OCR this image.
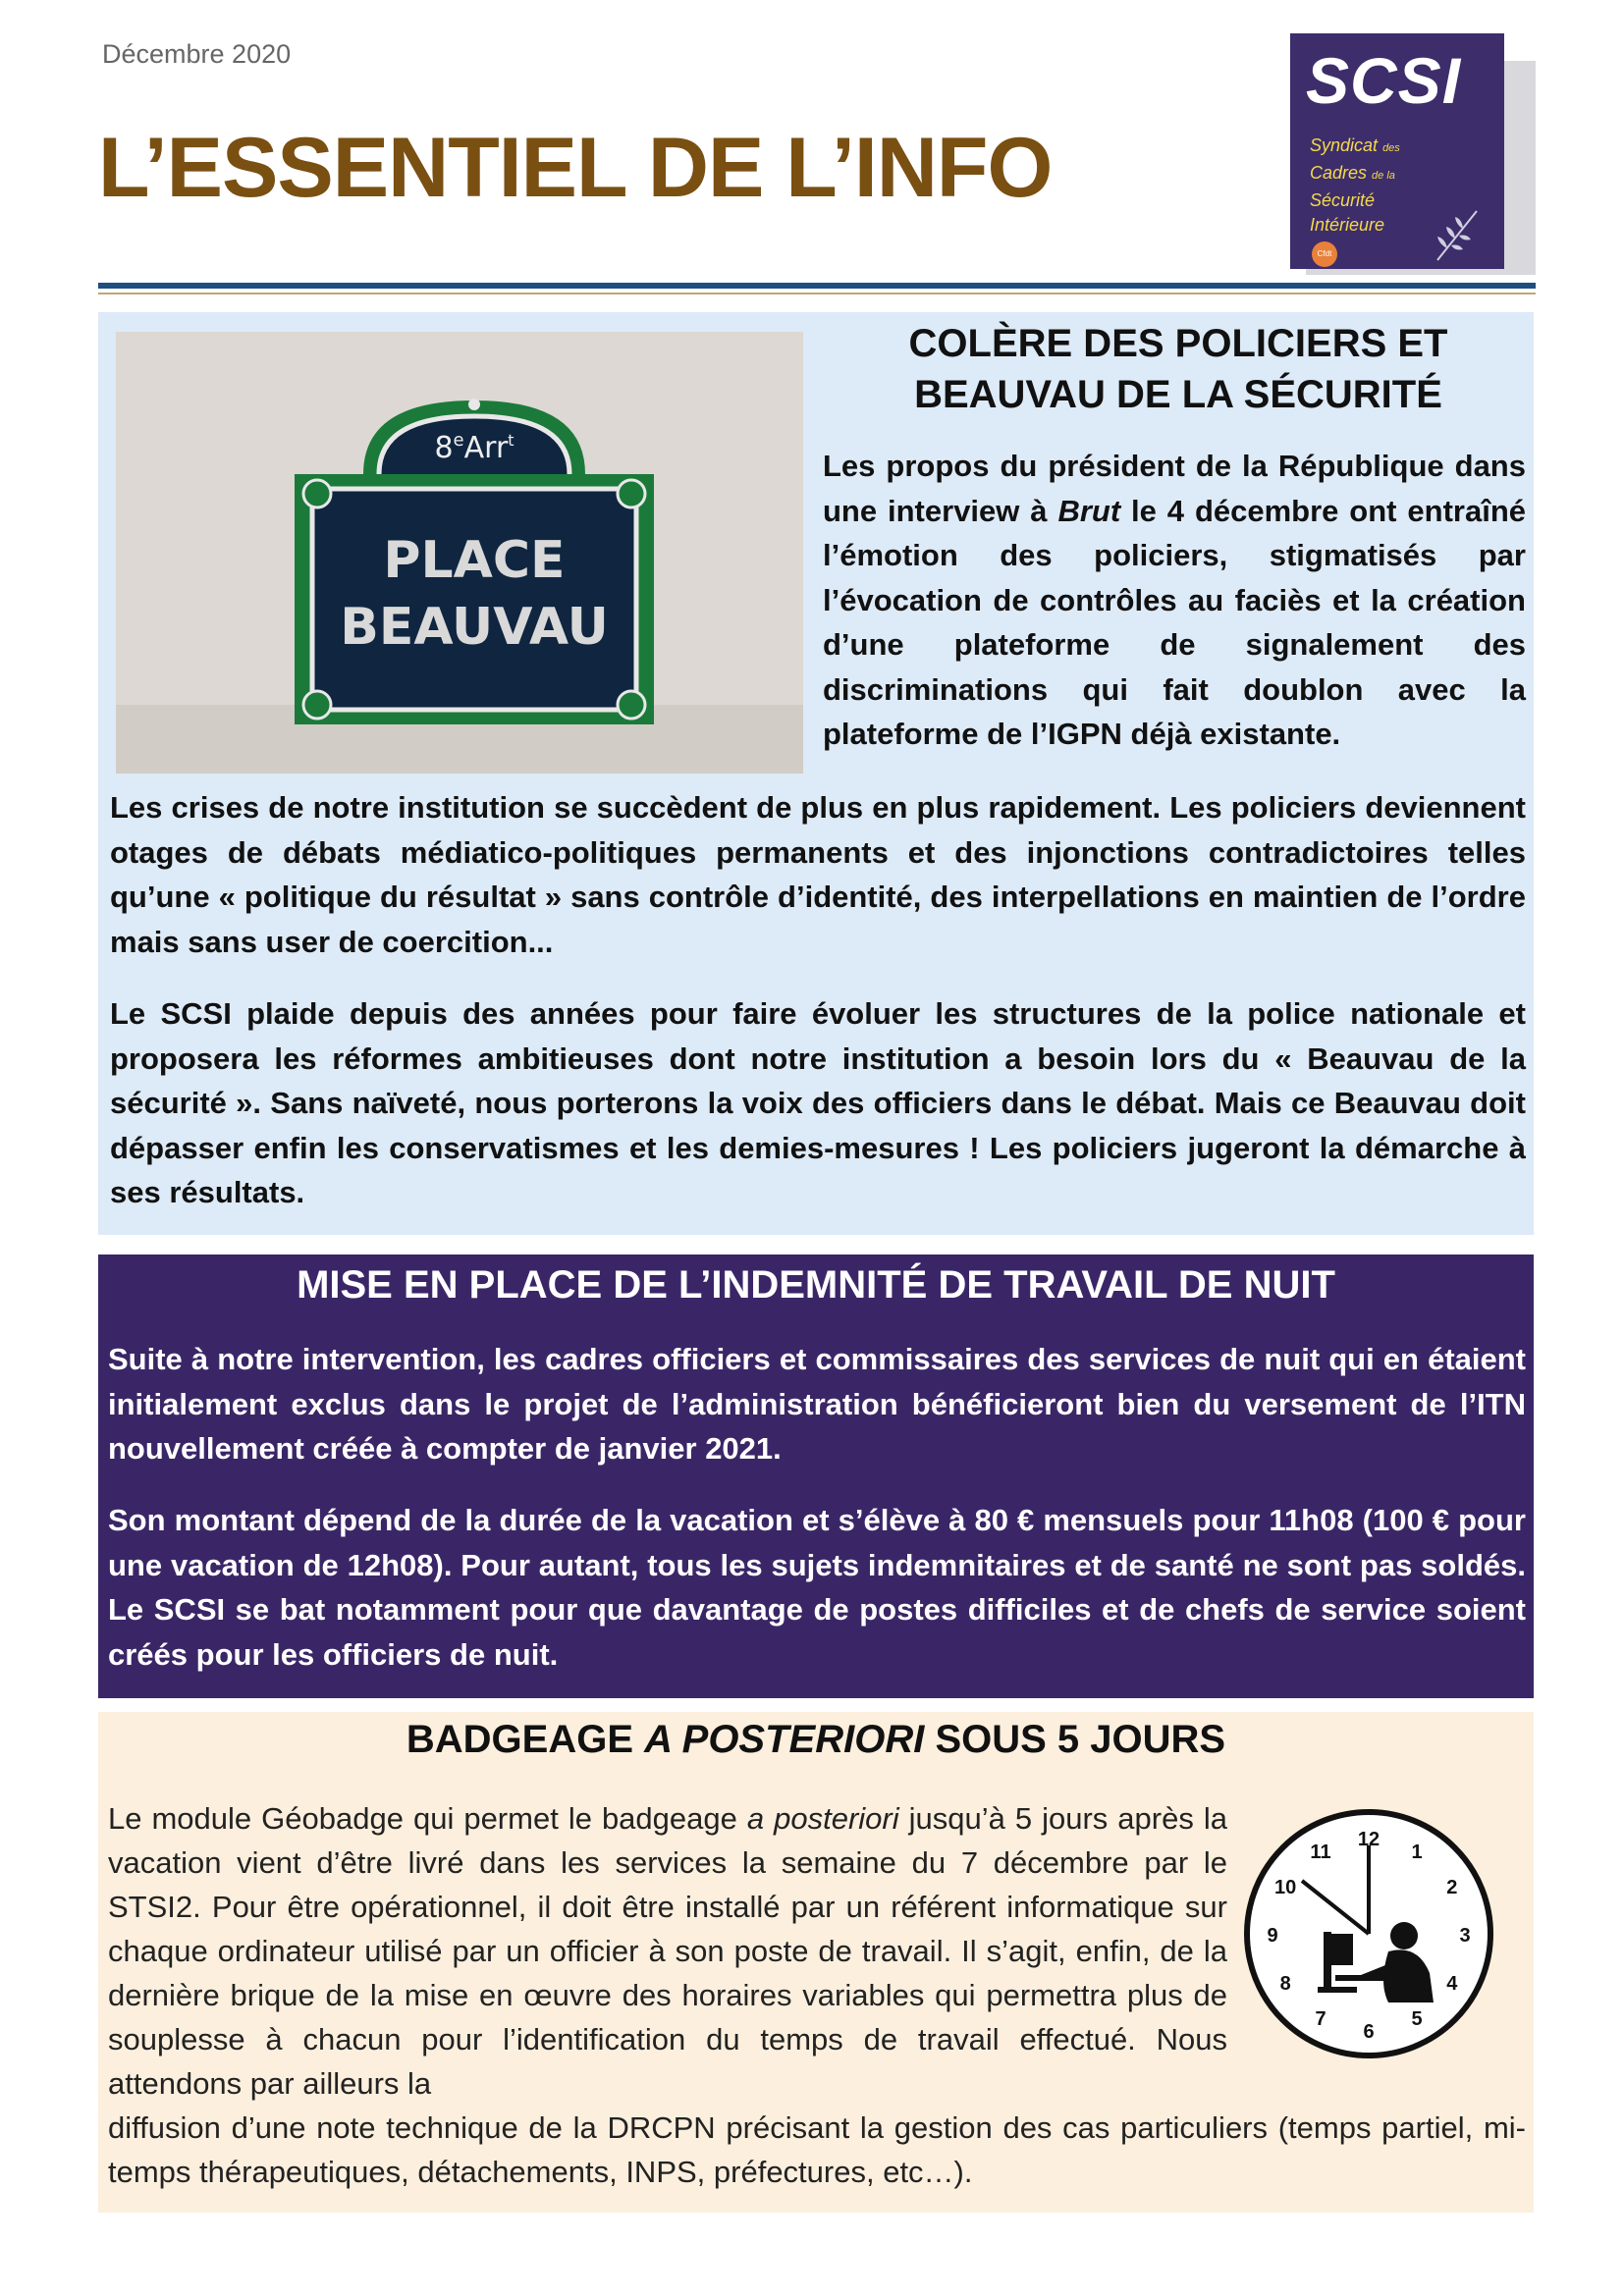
Décembre 2020
L’ESSENTIEL DE L’INFO
SCSI
Syndicat des
Cadres de la
Sécurité
Intérieure
Cfdt
8eArr$^t$
PLACE
BEAUVAU
COLÈRE DES POLICIERS ET
BEAUVAU DE LA SÉCURITÉ

Les propos du président de la République dans une interview à Brut le 4 décembre ont entraîné l’émotion des policiers, stigmatisés par l’évocation de contrôles au faciès et la création d’une plateforme de signalement des discriminations qui fait doublon avec la plateforme de l’IGPN déjà existante.

Les crises de notre institution se succèdent de plus en plus rapidement. Les policiers deviennent otages de débats médiatico-politiques permanents et des injonctions contradictoires telles qu’une « politique du résultat » sans contrôle d’identité, des interpellations en maintien de l’ordre mais sans user de coercition...

Le SCSI plaide depuis des années pour faire évoluer les structures de la police nationale et proposera les réformes ambitieuses dont notre institution a besoin lors du « Beauvau de la sécurité ». Sans naïveté, nous porterons la voix des officiers dans le débat. Mais ce Beauvau doit dépasser enfin les conservatismes et les demies-mesures ! Les policiers jugeront la démarche à ses résultats.

MISE EN PLACE DE L’INDEMNITÉ DE TRAVAIL DE NUIT

Suite à notre intervention, les cadres officiers et commissaires des services de nuit qui en étaient initialement exclus dans le projet de l’administration bénéficieront bien du versement de l’ITN nouvellement créée à compter de janvier 2021.

Son montant dépend de la durée de la vacation et s’élève à 80 € mensuels pour 11h08 (100 € pour une vacation de 12h08). Pour autant, tous les sujets indemnitaires et de santé ne sont pas soldés. Le SCSI se bat notamment pour que davantage de postes difficiles et de chefs de service soient créés pour les officiers de nuit.

BADGEAGE A POSTERIORI SOUS 5 JOURS

Le module Géobadge qui permet le badgeage a posteriori jusqu’à 5 jours après la vacation vient d’être livré dans les services la semaine du 7 décembre par le STSI2. Pour être opérationnel, il doit être installé par un référent informatique sur chaque ordinateur utilisé par un officier à son poste de travail. Il s’agit, enfin, de la dernière brique de la mise en œuvre des horaires variables qui permettra plus de souplesse à chacun pour l’identification du temps de travail effectué. Nous attendons par ailleurs la

diffusion d’une note technique de la DRCPN précisant la gestion des cas particuliers (temps partiel, mi-temps thérapeutiques, détachements, INPS, préfectures, etc…).

12
1
2
3
4
5
6
7
8
9
10
11
